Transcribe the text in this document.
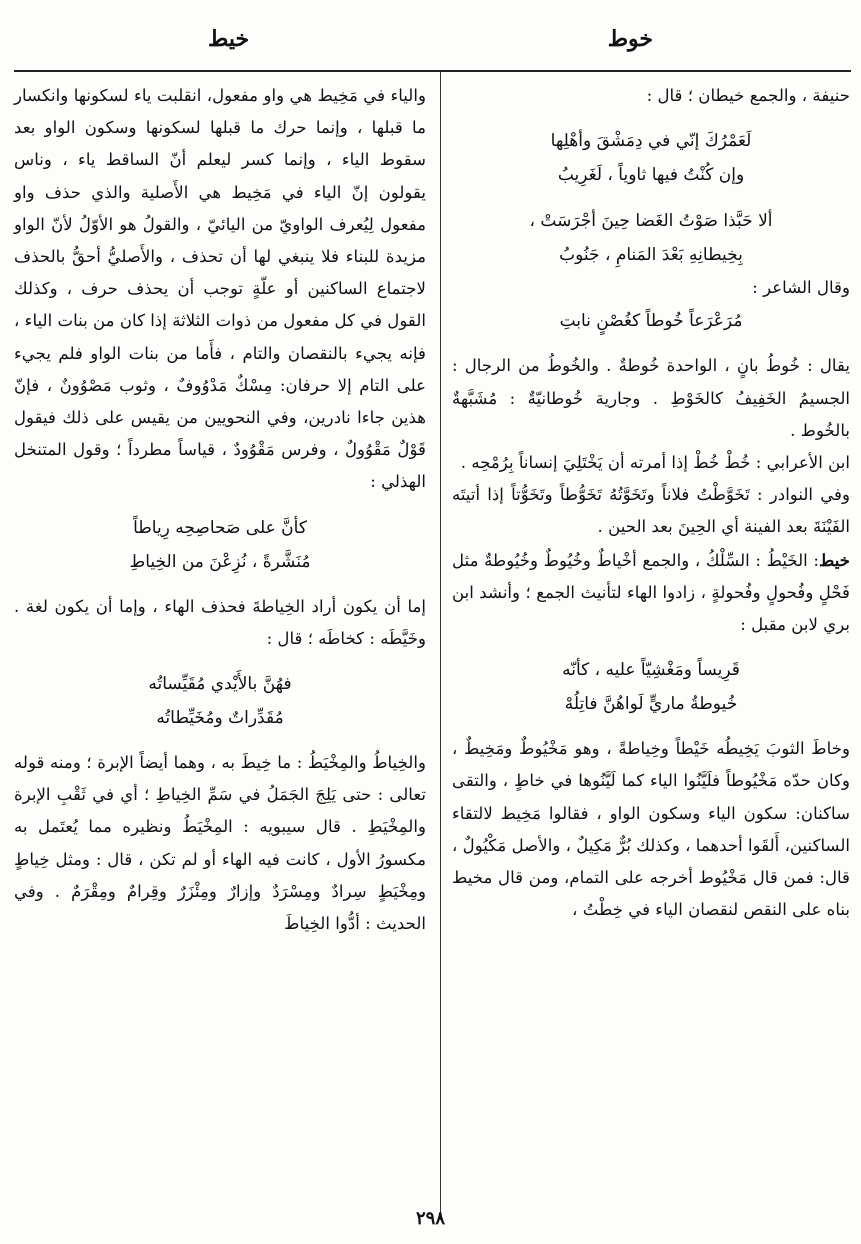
خوط
خيط

حنيفة ، والجمع خيطان ؛ قال :

لَعَمْرُكَ إنّي في دِمَشْقَ وأهْلِها

وإن كُنْتُ فيها ثاوياً ، لَغَرِيبُ

ألا حَبَّذا صَوْتُ الغَضا حِينَ أجْرَسَتْ ،

بِخِيطانِهِ بَعْدَ المَنامِ ، جَنُوبُ

وقال الشاعر :

مُرَعْرَعاً خُوطاً كغُصْنٍ نابتِ

يقال : خُوطُ بانٍ ، الواحدة خُوطةٌ . والخُوطُ من الرجال : الجسيمُ الخَفِيفُ كالخَوْطِ . وجارية خُوطانيّةٌ : مُشَبَّهةٌ بالخُوط .

ابن الأعرابي : خُطْ خُطْ إذا أمرته أن يَخْتَلِيَ إنساناً بِرُمْحِه .

وفي النوادر : تَخَوَّطْتُ فلاناً وتَخَوَّتُهُ تَخَوُّطاً وتَخَوُّتاً إذا أتيتَه الفَيْنَةَ بعد الفينة أي الحِينَ بعد الحين .

خيط: الخَيْطُ : السِّلْكُ ، والجمع أخْياطٌ وخُيُوطٌ وخُيُوطةٌ مثل فَحْلٍ وفُحولٍ وفُحولةٍ ، زادوا الهاء لتأنيث الجمع ؛ وأنشد ابن بري لابن مقبل :

قَرِيساً ومَغْشِيّاً عليه ، كأنّه

خُيوطةُ ماريٍّ لَواهُنَّ فاتِلُهْ

وخاطَ الثوبَ يَخِيطُه خَيْطاً وخِياطةً ، وهو مَخْيُوطٌ ومَخِيطٌ ، وكان حدّه مَخْيُوطاً فلَيَّنُوا الياء كما لَيَّنُوها في خاطٍ ، والتقى ساكنان: سكون الياء وسكون الواو ، فقالوا مَخِيط لالتقاء الساكنين، أَلقَوا أحدهما ، وكذلك بُرٌّ مَكِيلٌ ، والأصل مَكْيُولٌ ، قال: فمن قال مَخْيُوط أخرجه على التمام، ومن قال مخيط بناه على النقص لنقصان الياء في خِطْتُ ،

والياء في مَخِيط هي واو مفعول، انقلبت ياء لسكونها وانكسار ما قبلها ، وإنما حرك ما قبلها لسكونها وسكون الواو بعد سقوط الياء ، وإنما كسر ليعلم أنّ الساقط ياء ، وناس يقولون إنّ الياء في مَخِيط هي الأَصلية والذي حذف واو مفعول لِيُعرف الواويّ من اليائيّ ، والقولُ هو الأوّلُ لأنّ الواو مزيدة للبناء فلا ينبغي لها أن تحذف ، والأَصليُّ أحقُّ بالحذف لاجتماع الساكنين أو علّةٍ توجب أن يحذف حرف ، وكذلك القول في كل مفعول من ذوات الثلاثة إذا كان من بنات الياء ، فإنه يجيء بالنقصان والتام ، فأَما من بنات الواو فلم يجيء على التام إلا حرفان: مِسْكٌ مَدْوُوفٌ ، وثوب مَصْوُونٌ ، فإنّ هذين جاءا نادرين، وفي النحويين من يقيس على ذلك فيقول قَوْلٌ مَقْوُولٌ ، وفرس مَقْوُودٌ ، قياساً مطرداً ؛ وقول المتنخل الهذلي :

كأنَّ على صَحاصِحِه رِياطاً

مُنَشَّرةً ، نُزِعْنَ من الخِياطِ

إما أن يكون أراد الخِياطةَ فحذف الهاء ، وإما أن يكون لغة . وخَيَّطَه : كخاطَه ؛ قال :

فهُنَّ بالأَيْدي مُقَيِّساتُه

مُقَدِّراتٌ ومُخَيِّطاتُه

والخِياطُ والمِخْيَطُ : ما خِيطَ به ، وهما أيضاً الإبرة ؛ ومنه قوله تعالى : حتى يَلِجَ الجَمَلُ في سَمِّ الخِياطِ ؛ أي في ثَقْبِ الإبرة والمِخْيَطِ . قال سيبويه : المِخْيَطُ ونظيره مما يُعتَمل به مكسورُ الأول ، كانت فيه الهاء أو لم تكن ، قال : ومثل خِياطٍ ومِخْيَطٍ سِرادٌ ومِسْرَدٌ وإزارٌ ومِئْزَرٌ وقِرامٌ ومِقْرَمٌ . وفي الحديث : أدُّوا الخِياطَ

٢٩٨
